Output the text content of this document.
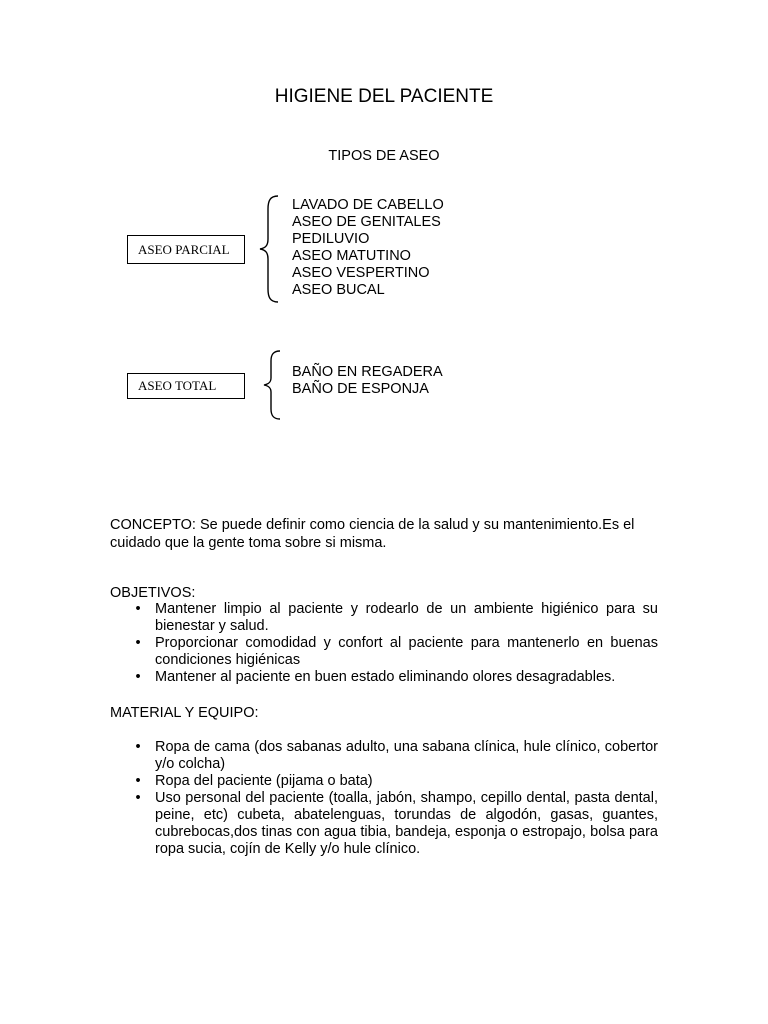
HIGIENE DEL PACIENTE
TIPOS DE ASEO
ASEO PARCIAL
LAVADO DE CABELLO
ASEO DE GENITALES
PEDILUVIO
ASEO MATUTINO
ASEO VESPERTINO
ASEO BUCAL
ASEO TOTAL
BAÑO EN REGADERA
BAÑO DE ESPONJA

CONCEPTO: Se puede definir como ciencia de la salud y su mantenimiento.Es el cuidado que la gente toma sobre si misma.

OBJETIVOS:

• Mantener limpio al paciente y rodearlo de un ambiente higiénico para su bienestar y salud.
• Proporcionar comodidad y confort al paciente para mantenerlo en buenas condiciones higiénicas
• Mantener al paciente en buen estado eliminando olores desagradables.

MATERIAL Y EQUIPO:

• Ropa de cama (dos sabanas adulto, una sabana clínica, hule clínico, cobertor y/o colcha)
• Ropa del paciente (pijama o bata)
• Uso personal del paciente (toalla, jabón, shampo, cepillo dental, pasta dental, peine, etc) cubeta, abatelenguas, torundas de algodón, gasas, guantes, cubrebocas,dos tinas con agua tibia, bandeja, esponja o estropajo, bolsa para ropa sucia, cojín de Kelly y/o hule clínico.
